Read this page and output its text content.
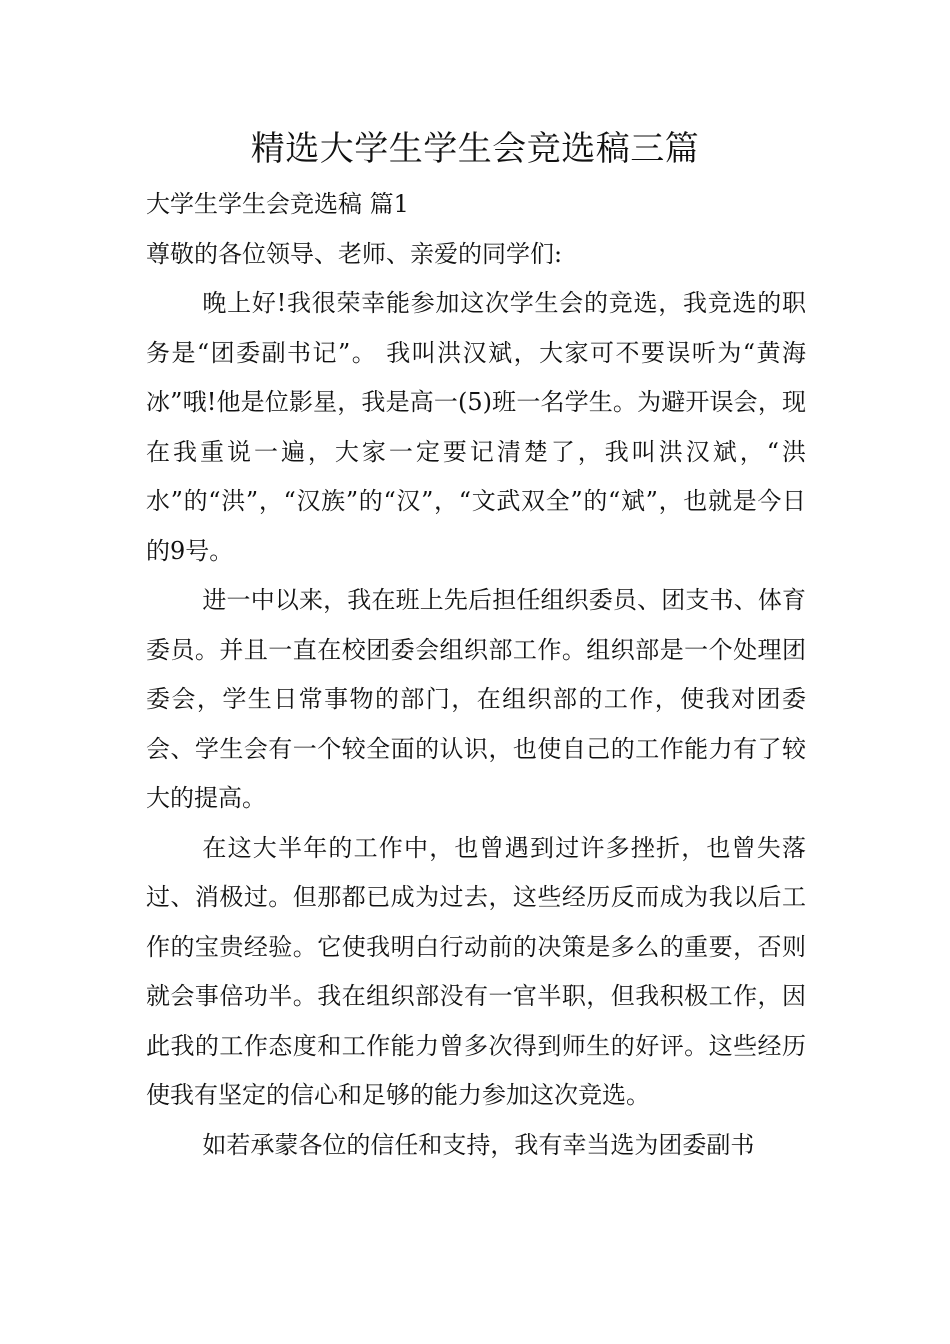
精选大学生学生会竞选稿三篇

大学生学生会竞选稿 篇1

尊敬的各位领导、老师、亲爱的同学们:

晚上好!我很荣幸能参加这次学生会的竞选，我竞选的职务是“团委副书记”。 我叫洪汉斌，大家可不要误听为“黄海冰”哦!他是位影星，我是高一(5)班一名学生。为避开误会，现在我重说一遍，大家一定要记清楚了，我叫洪汉斌，“洪水”的“洪”，“汉族”的“汉”，“文武双全”的“斌”，也就是今日的9号。

进一中以来，我在班上先后担任组织委员、团支书、体育委员。并且一直在校团委会组织部工作。组织部是一个处理团委会，学生日常事物的部门，在组织部的工作，使我对团委会、学生会有一个较全面的认识，也使自己的工作能力有了较大的提高。

在这大半年的工作中，也曾遇到过许多挫折，也曾失落过、消极过。但那都已成为过去，这些经历反而成为我以后工作的宝贵经验。它使我明白行动前的决策是多么的重要，否则就会事倍功半。我在组织部没有一官半职，但我积极工作，因此我的工作态度和工作能力曾多次得到师生的好评。这些经历使我有坚定的信心和足够的能力参加这次竞选。

如若承蒙各位的信任和支持，我有幸当选为团委副书
